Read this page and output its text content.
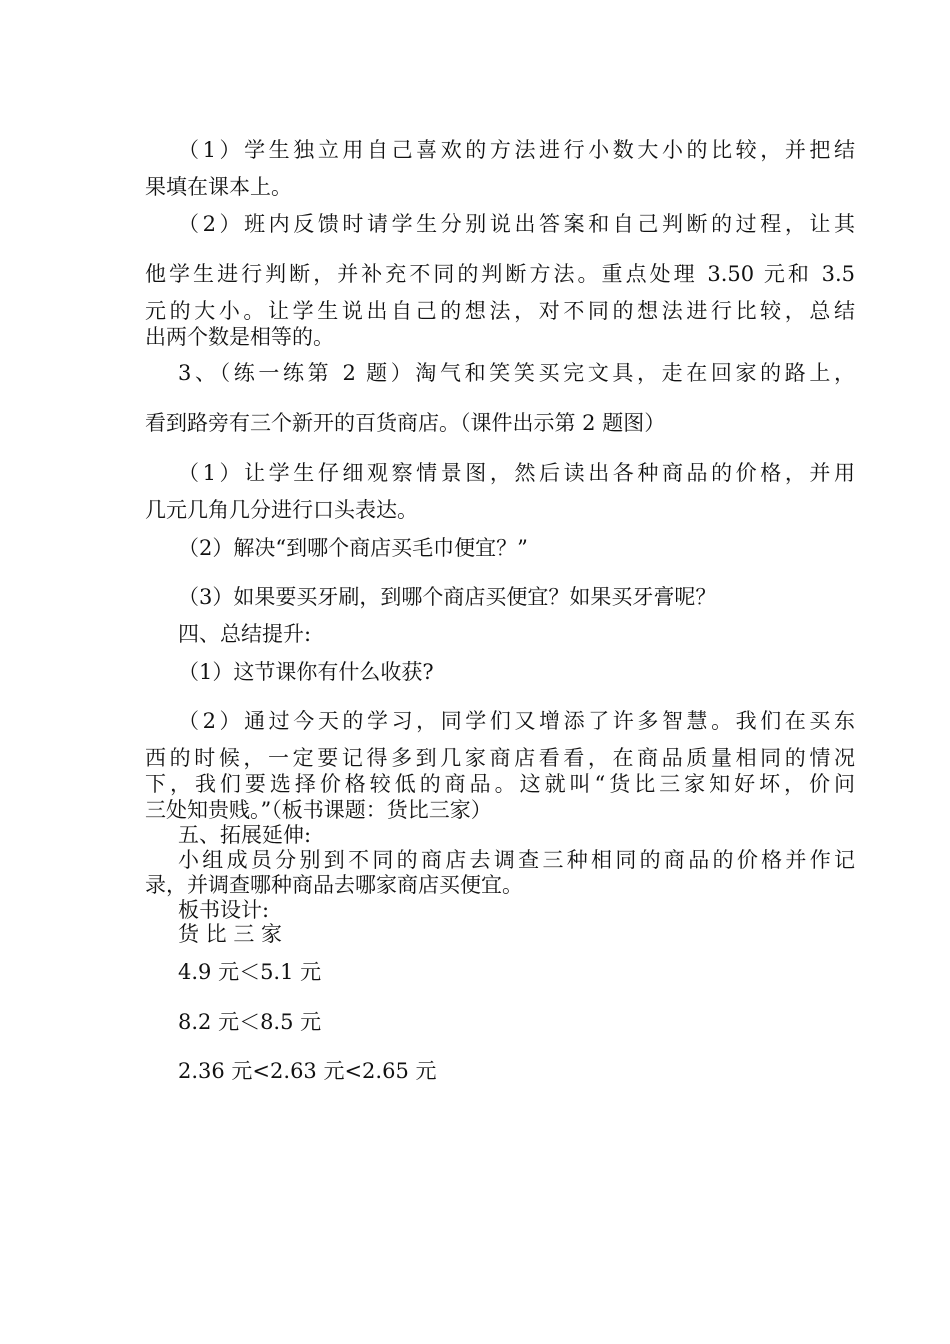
（1）学生独立用自己喜欢的方法进行小数大小的比较，并把结
果填在课本上。
（2）班内反馈时请学生分别说出答案和自己判断的过程，让其
他学生进行判断，并补充不同的判断方法。重点处理 3.50 元和 3.5
元的大小。让学生说出自己的想法，对不同的想法进行比较，总结
出两个数是相等的。
3、（练一练第 2 题）淘气和笑笑买完文具，走在回家的路上，
看到路旁有三个新开的百货商店。（课件出示第 2 题图）
（1）让学生仔细观察情景图，然后读出各种商品的价格，并用
几元几角几分进行口头表达。
（2）解决“到哪个商店买毛巾便宜？”
（3）如果要买牙刷，到哪个商店买便宜？如果买牙膏呢？
四、总结提升:
（1）这节课你有什么收获?
（2）通过今天的学习，同学们又增添了许多智慧。我们在买东
西的时候，一定要记得多到几家商店看看，在商品质量相同的情况
下，我们要选择价格较低的商品。这就叫“货比三家知好坏，价问
三处知贵贱。”（板书课题：货比三家）
五、拓展延伸:
小组成员分别到不同的商店去调查三种相同的商品的价格并作记
录，并调查哪种商品去哪家商店买便宜。
板书设计:
货 比 三 家
4.9 元＜5.1 元
8.2 元＜8.5 元
2.36 元<2.63 元<2.65 元
